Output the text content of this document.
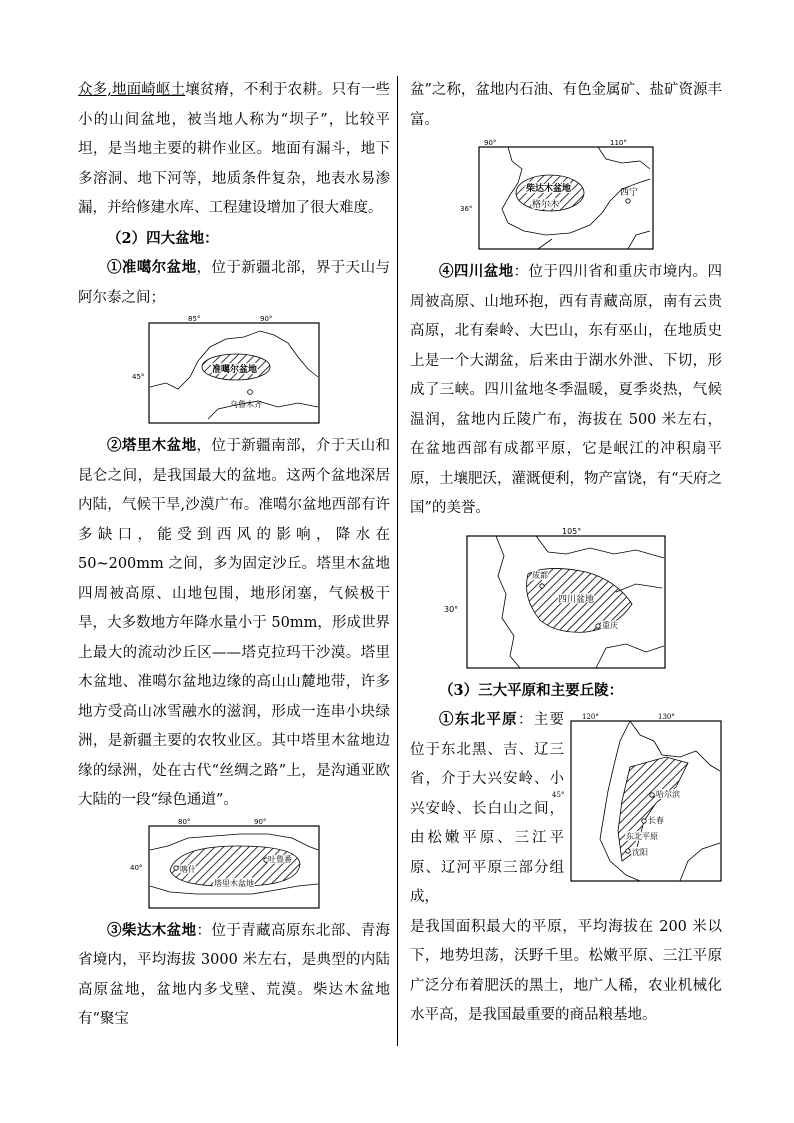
众多,地面崎岖土壤贫瘠，不利于农耕。只有一些小的山间盆地，被当地人称为“坝子”，比较平坦，是当地主要的耕作业区。地面有漏斗，地下多溶洞、地下河等，地质条件复杂，地表水易渗漏，并给修建水库、工程建设增加了很大难度。

（2）四大盆地：

①准噶尔盆地，位于新疆北部，界于天山与阿尔泰之间；

85°	90°
45°
准噶尔盆地
乌鲁木齐

②塔里木盆地，位于新疆南部，介于天山和昆仑之间，是我国最大的盆地。这两个盆地深居内陆，气候干旱,沙漠广布。准噶尔盆地西部有许多缺口，能受到西风的影响，降水在 50~200mm 之间，多为固定沙丘。塔里木盆地四周被高原、山地包围，地形闭塞，气候极干旱，大多数地方年降水量小于 50mm，形成世界上最大的流动沙丘区——塔克拉玛干沙漠。塔里木盆地、准噶尔盆地边缘的高山山麓地带，许多地方受高山冰雪融水的滋润，形成一连串小块绿洲，是新疆主要的农牧业区。其中塔里木盆地边缘的绿洲，处在古代“丝绸之路”上，是沟通亚欧大陆的一段“绿色通道”。

80°	90°
40°	喀什
吐鲁番
塔里木盆地

③柴达木盆地：位于青藏高原东北部、青海省境内，平均海拔 3000 米左右，是典型的内陆高原盆地，盆地内多戈壁、荒漠。柴达木盆地有“聚宝

盆”之称，盆地内石油、有色金属矿、盐矿资源丰富。

90°	110°
36°
柴达木盆地
格尔木
西宁

④四川盆地：位于四川省和重庆市境内。四周被高原、山地环抱，西有青藏高原，南有云贵高原，北有秦岭、大巴山，东有巫山，在地质史上是一个大湖盆，后来由于湖水外泄、下切，形成了三峡。四川盆地冬季温暖，夏季炎热，气候温润，盆地内丘陵广布，海拔在 500 米左右，在盆地西部有成都平原，它是岷江的冲积扇平原，土壤肥沃，灌溉便利，物产富饶，有“天府之国”的美誉。

105°
30°
成都
四川盆地
重庆

（3）三大平原和主要丘陵：

①东北平原：主要位于东北黑、吉、辽三省，介于大兴安岭、小兴安岭、长白山之间，由松嫩平原、三江平原、辽河平原三部分组成，

120°	130°
45°	哈尔滨
长春
东北平原
沈阳

是我国面积最大的平原，平均海拔在 200 米以下，地势坦荡，沃野千里。松嫩平原、三江平原广泛分布着肥沃的黑土，地广人稀，农业机械化水平高，是我国最重要的商品粮基地。
